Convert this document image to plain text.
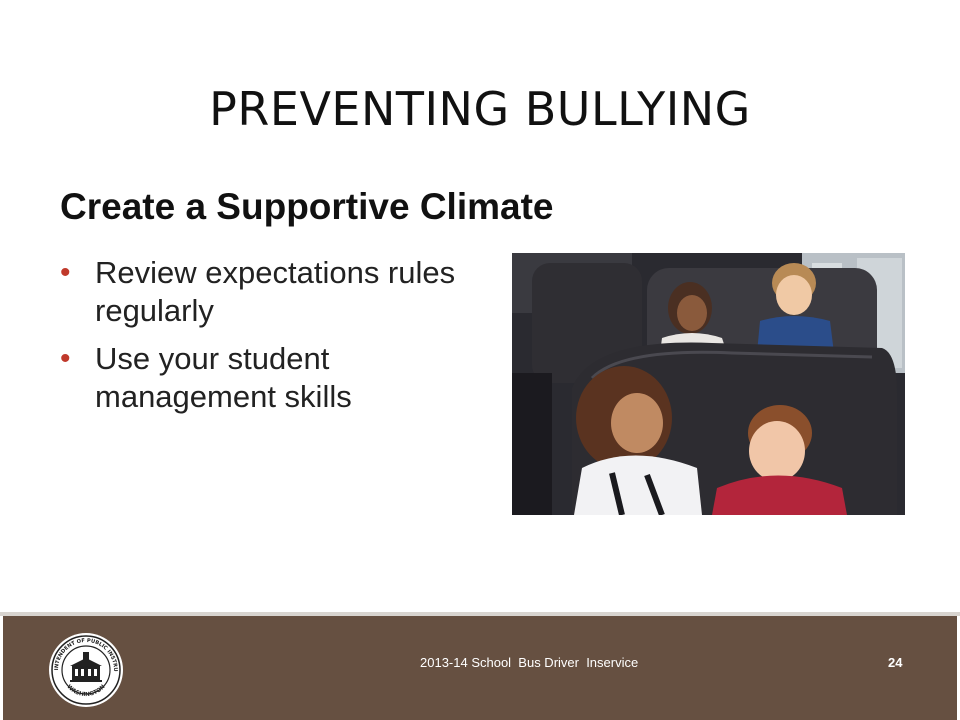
PREVENTING BULLYING
Create a Supportive Climate
• Review expectations rules regularly
• Use your student management skills
INTENDENT OF PUBLIC INSTRU
WASHINGTON
2013-14 School  Bus Driver  Inservice	24
